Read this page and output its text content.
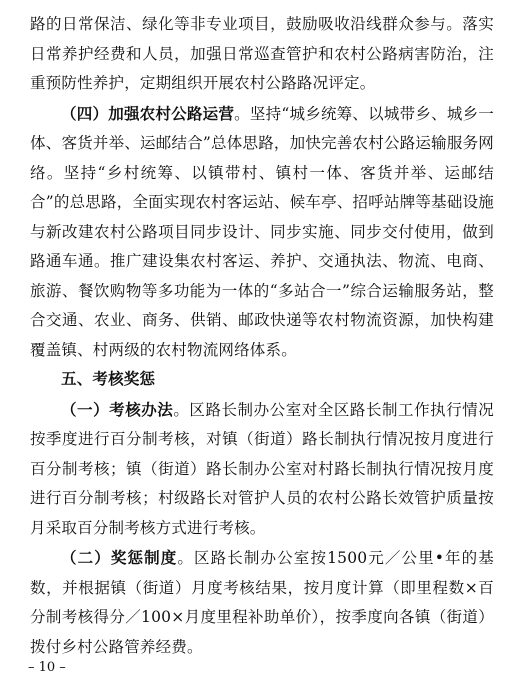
路的日常保洁、绿化等非专业项目，鼓励吸收沿线群众参与。落实日常养护经费和人员，加强日常巡查管护和农村公路病害防治，注重预防性养护，定期组织开展农村公路路况评定。

（四）加强农村公路运营。坚持“城乡统筹、以城带乡、城乡一体、客货并举、运邮结合”总体思路，加快完善农村公路运输服务网络。坚持“乡村统筹、以镇带村、镇村一体、客货并举、运邮结合”的总思路，全面实现农村客运站、候车亭、招呼站牌等基础设施与新改建农村公路项目同步设计、同步实施、同步交付使用，做到路通车通。推广建设集农村客运、养护、交通执法、物流、电商、旅游、餐饮购物等多功能为一体的“多站合一”综合运输服务站，整合交通、农业、商务、供销、邮政快递等农村物流资源，加快构建覆盖镇、村两级的农村物流网络体系。

五、考核奖惩

（一）考核办法。区路长制办公室对全区路长制工作执行情况按季度进行百分制考核，对镇（街道）路长制执行情况按月度进行百分制考核；镇（街道）路长制办公室对村路长制执行情况按月度进行百分制考核；村级路长对管护人员的农村公路长效管护质量按月采取百分制考核方式进行考核。

（二）奖惩制度。区路长制办公室按1500元／公里•年的基数，并根据镇（街道）月度考核结果，按月度计算（即里程数×百分制考核得分／100×月度里程补助单价），按季度向各镇（街道）拨付乡村公路管养经费。

– 10 –
